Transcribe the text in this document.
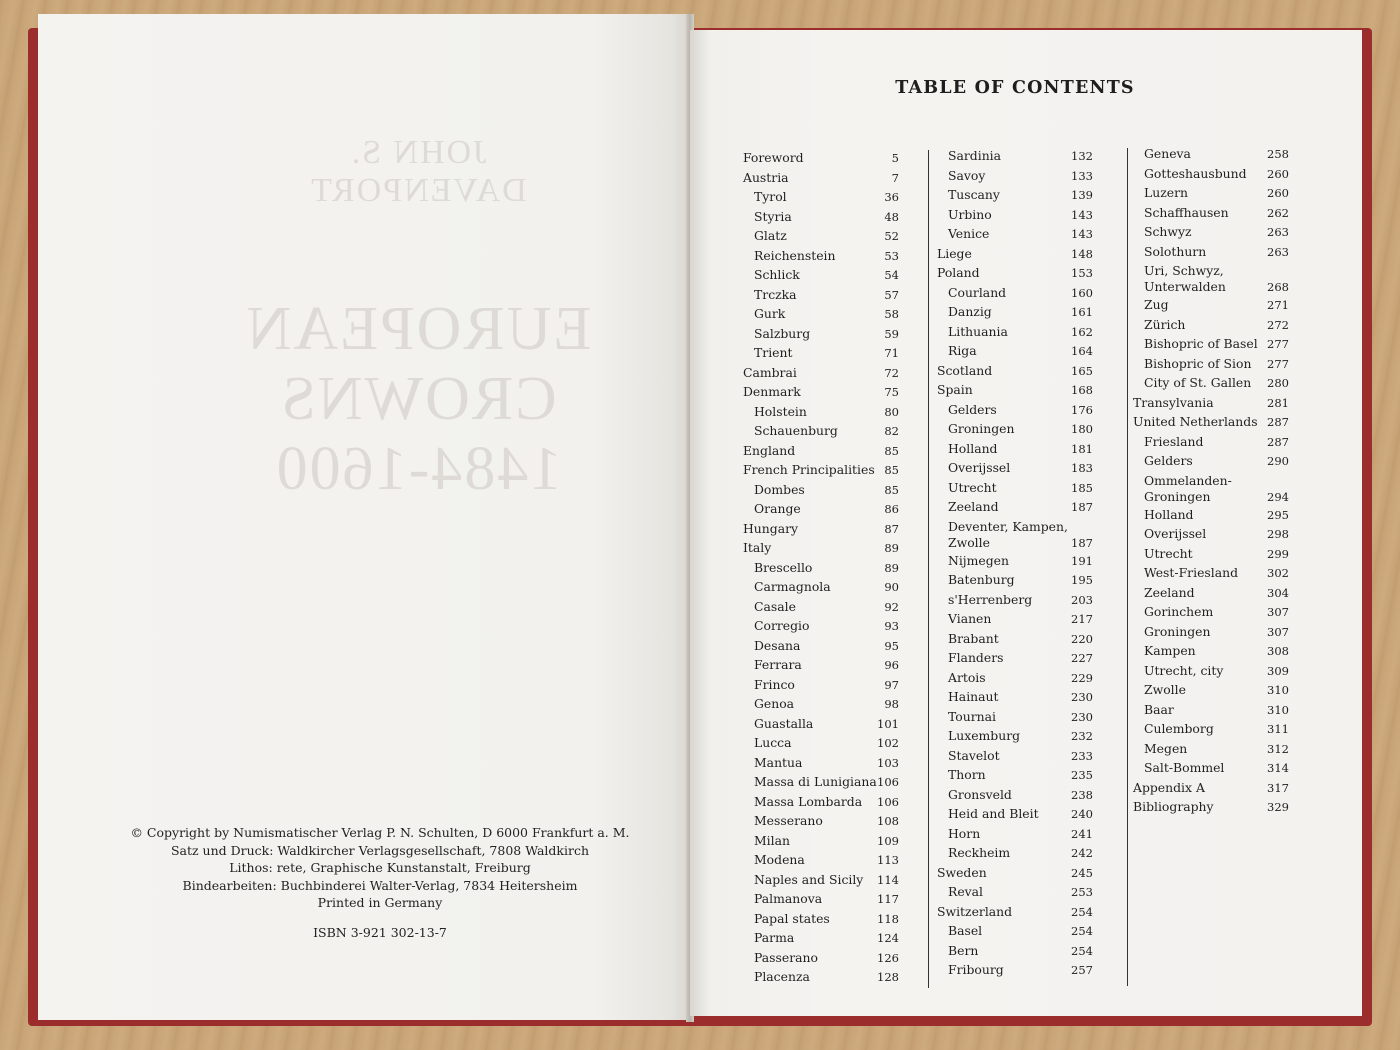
JOHN S. DAVENPORT
EUROPEAN
CROWNS
1484-1600
© Copyright by Numismatischer Verlag P. N. Schulten, D 6000 Frankfurt a. M.
Satz und Druck: Waldkircher Verlagsgesellschaft, 7808 Waldkirch
Lithos: rete, Graphische Kunstanstalt, Freiburg
Bindearbeiten: Buchbinderei Walter-Verlag, 7834 Heitersheim
Printed in Germany
ISBN 3-921 302-13-7
TABLE OF CONTENTS
Foreword	5
Austria	7
Tyrol	36
Styria	48
Glatz	52
Reichenstein	53
Schlick	54
Trczka	57
Gurk	58
Salzburg	59
Trient	71
Cambrai	72
Denmark	75
Holstein	80
Schauenburg	82
England	85
French Principalities 85
Dombes	85
Orange	86
Hungary	87
Italy	89
Brescello	89
Carmagnola	90
Casale	92
Corregio	93
Desana	95
Ferrara	96
Frinco	97
Genoa	98
Guastalla	101
Lucca	102
Mantua	103
Massa di Lunigiana 106
Massa Lombarda 106
Messerano	108
Milan	109
Modena	113
Naples and Sicily 114
Palmanova	117
Papal states	118
Parma	124
Passerano	126
Placenza	128
Sardinia	132
Savoy	133
Tuscany	139
Urbino	143
Venice	143
Liege	148
Poland	153
Courland	160
Danzig	161
Lithuania	162
Riga	164
Scotland	165
Spain	168
Gelders	176
Groningen	180
Holland	181
Overijssel	183
Utrecht	185
Zeeland	187
Deventer, Kampen, Zwolle	187
Nijmegen	191
Batenburg	195
s'Herrenberg	203
Vianen	217
Brabant	220
Flanders	227
Artois	229
Hainaut	230
Tournai	230
Luxemburg	232
Stavelot	233
Thorn	235
Gronsveld	238
Heid and Bleit	240
Horn	241
Reckheim	242
Sweden	245
Reval	253
Switzerland	254
Basel	254
Bern	254
Fribourg	257
Geneva	258
Gotteshausbund 260
Luzern	260
Schaffhausen	262
Schwyz	263
Solothurn	263
Uri, Schwyz, Unterwalden	268
Zug	271
Zürich	272
Bishopric of Basel 277
Bishopric of Sion 277
City of St. Gallen 280
Transylvania	281
United Netherlands 287
Friesland	287
Gelders	290
Ommelanden-Groningen	294
Holland	295
Overijssel	298
Utrecht	299
West-Friesland	302
Zeeland	304
Gorinchem	307
Groningen	307
Kampen	308
Utrecht, city	309
Zwolle	310
Baar	310
Culemborg	311
Megen	312
Salt-Bommel	314
Appendix A	317
Bibliography	329
